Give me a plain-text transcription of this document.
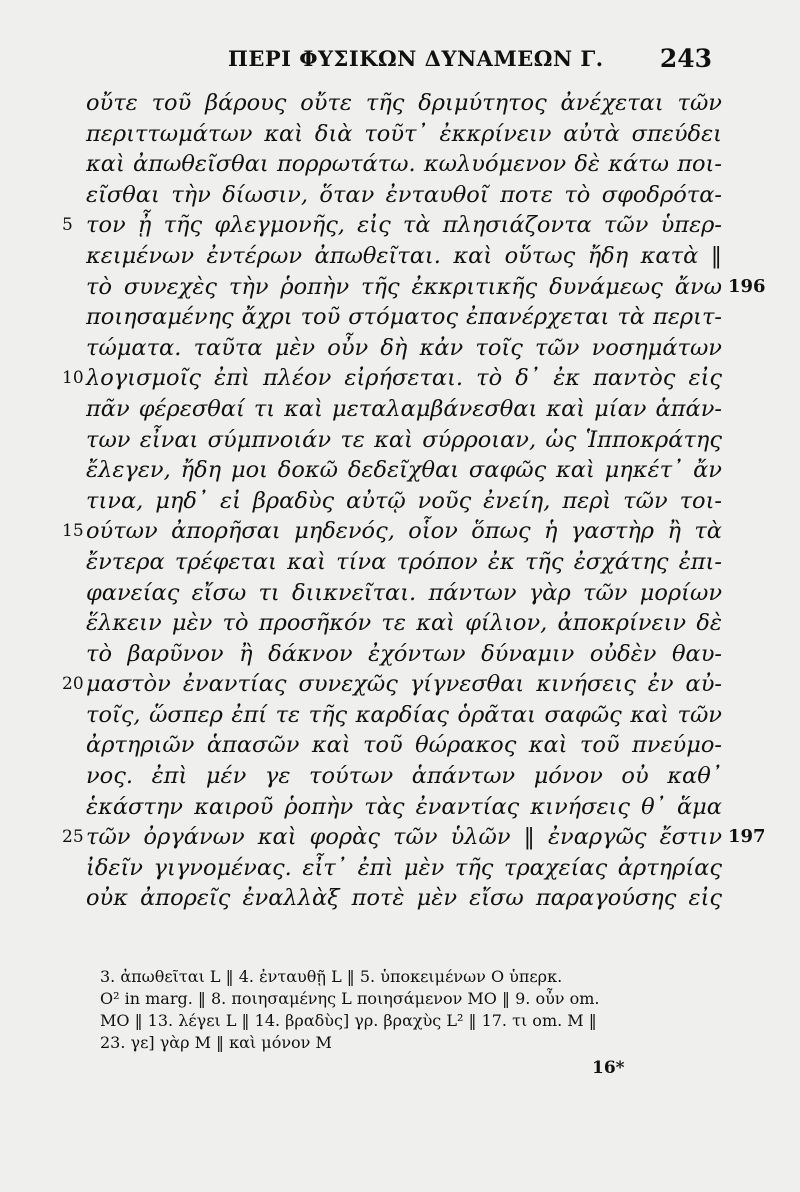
ΠΕΡΙ ΦΥΣΙΚΩΝ ΔΥΝΑΜΕΩΝ Γ. 243
οὔτε τοῦ βάρους οὔτε τῆς δριμύτητος ἀνέχεται τῶν
περιττωμάτων καὶ διὰ τοῦτ᾽ ἐκκρίνειν αὐτὰ σπεύδει
καὶ ἀπωθεῖσθαι πορρωτάτω. κωλυόμενον δὲ κάτω ποι-
εῖσθαι τὴν δίωσιν, ὅταν ἐνταυθοῖ ποτε τὸ σφοδρότα-
5 τον ᾖ τῆς φλεγμονῆς, εἰς τὰ πλησιάζοντα τῶν ὑπερ-
κειμένων ἐντέρων ἀπωθεῖται. καὶ οὕτως ἤδη κατὰ ‖
τὸ συνεχὲς τὴν ῥοπὴν τῆς ἐκκριτικῆς δυνάμεως ἄνω 196
ποιησαμένης ἄχρι τοῦ στόματος ἐπανέρχεται τὰ περιτ-
τώματα. ταῦτα μὲν οὖν δὴ κἀν τοῖς τῶν νοσημάτων
10 λογισμοῖς ἐπὶ πλέον εἰρήσεται. τὸ δ᾽ ἐκ παντὸς εἰς
πᾶν φέρεσθαί τι καὶ μεταλαμβάνεσθαι καὶ μίαν ἁπάν-
των εἶναι σύμπνοιάν τε καὶ σύρροιαν, ὡς Ἱπποκράτης
ἔλεγεν, ἤδη μοι δοκῶ δεδεῖχθαι σαφῶς καὶ μηκέτ᾽ ἄν
τινα, μηδ᾽ εἰ βραδὺς αὐτῷ νοῦς ἐνείη, περὶ τῶν τοι-
15 ούτων ἀπορῆσαι μηδενός, οἷον ὅπως ἡ γαστὴρ ἢ τὰ
ἔντερα τρέφεται καὶ τίνα τρόπον ἐκ τῆς ἐσχάτης ἐπι-
φανείας εἴσω τι διικνεῖται. πάντων γὰρ τῶν μορίων
ἕλκειν μὲν τὸ προσῆκόν τε καὶ φίλιον, ἀποκρίνειν δὲ
τὸ βαρῦνον ἢ δάκνον ἐχόντων δύναμιν οὐδὲν θαυ-
20 μαστὸν ἐναντίας συνεχῶς γίγνεσθαι κινήσεις ἐν αὐ-
τοῖς, ὥσπερ ἐπί τε τῆς καρδίας ὁρᾶται σαφῶς καὶ τῶν
ἀρτηριῶν ἁπασῶν καὶ τοῦ θώρακος καὶ τοῦ πνεύμο-
νος. ἐπὶ μέν γε τούτων ἁπάντων μόνον οὐ καθ᾽
ἑκάστην καιροῦ ῥοπὴν τὰς ἐναντίας κινήσεις θ᾽ ἅμα
25 τῶν ὀργάνων καὶ φορὰς τῶν ὑλῶν ‖ ἐναργῶς ἔστιν 197
ἰδεῖν γιγνομένας. εἶτ᾽ ἐπὶ μὲν τῆς τραχείας ἀρτηρίας
οὐκ ἀπορεῖς ἐναλλὰξ ποτὲ μὲν εἴσω παραγούσης εἰς
3. ἀπωθεῖται L ‖ 4. ἐνταυθῇ L ‖ 5. ὑποκειμένων O ὑπερκ.
O² in marg. ‖ 8. ποιησαμένης L ποιησάμενον MO ‖ 9. οὖν om.
MO ‖ 13. λέγει L ‖ 14. βραδὺς] γρ. βραχὺς L² ‖ 17. τι om. M ‖
23. γε] γὰρ M ‖ καὶ μόνον M
16*
